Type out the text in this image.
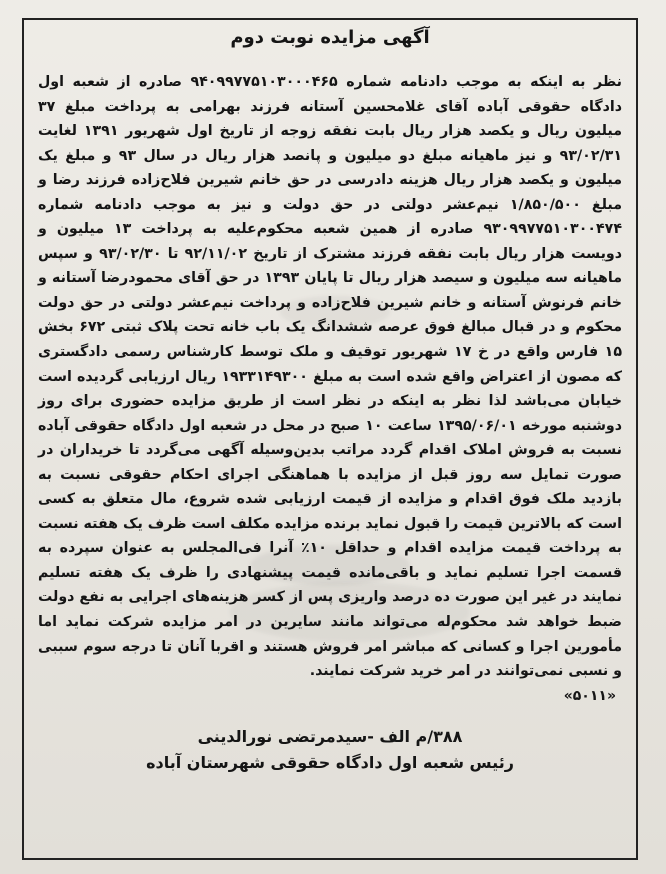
آگهی مزایده نوبت دوم

نظر به اینکه به موجب دادنامه شماره ۹۴۰۹۹۷۷۵۱۰۳۰۰۰۴۶۵ صادره از شعبه اول دادگاه حقوقی آباده آقای غلامحسین آستانه فرزند بهرامی به پرداخت مبلغ ۳۷ میلیون ریال و یکصد هزار ریال بابت نفقه زوجه از تاریخ اول شهریور ۱۳۹۱ لغایت ۹۳/۰۲/۳۱ و نیز ماهیانه مبلغ دو میلیون و پانصد هزار ریال در سال ۹۳ و مبلغ یک میلیون و یکصد هزار ریال هزینه دادرسی در حق خانم شیرین فلاح‌زاده فرزند رضا و مبلغ ۱/۸۵۰/۵۰۰ نیم‌عشر دولتی در حق دولت و نیز به موجب دادنامه شماره ۹۳۰۹۹۷۷۵۱۰۳۰۰۴۷۴ صادره از همین شعبه محکوم‌علیه به پرداخت ۱۳ میلیون و دویست هزار ریال بابت نفقه فرزند مشترک از تاریخ ۹۲/۱۱/۰۲ تا ۹۳/۰۲/۳۰ و سپس ماهیانه سه میلیون و سیصد هزار ریال تا پایان ۱۳۹۳ در حق آقای محمودرضا آستانه و خانم فرنوش آستانه و خانم شیرین فلاح‌زاده و پرداخت نیم‌عشر دولتی در حق دولت محکوم و در قبال مبالغ فوق عرصه ششدانگ یک باب خانه تحت پلاک ثبتی ۶۷۲ بخش ۱۵ فارس واقع در خ ۱۷ شهریور توقیف و ملک توسط کارشناس رسمی دادگستری که مصون از اعتراض واقع شده است به مبلغ ۱۹۳۳۱۴۹۳۰۰ ریال ارزیابی گردیده است خیابان می‌باشد لذا نظر به اینکه در نظر است از طریق مزایده حضوری برای روز دوشنبه مورخه ۱۳۹۵/۰۶/۰۱ ساعت ۱۰ صبح در محل در شعبه اول دادگاه حقوقی آباده نسبت به فروش املاک اقدام گردد مراتب بدین‌وسیله آگهی می‌گردد تا خریداران در صورت تمایل سه روز قبل از مزایده با هماهنگی اجرای احکام حقوقی نسبت به بازدید ملک فوق اقدام و مزایده از قیمت ارزیابی شده شروع، مال متعلق به کسی است که بالاترین قیمت را قبول نماید برنده مزایده مکلف است ظرف یک هفته نسبت به پرداخت قیمت مزایده اقدام و حداقل ۱۰٪ آنرا فی‌المجلس به عنوان سپرده به قسمت اجرا تسلیم نماید و باقی‌مانده قیمت پیشنهادی را ظرف یک هفته تسلیم نمایند در غیر این صورت ده درصد واریزی پس از کسر هزینه‌های اجرایی به نفع دولت ضبط خواهد شد محکوم‌له می‌تواند مانند سایرین در امر مزایده شرکت نماید اما مأمورین اجرا و کسانی که مباشر امر فروش هستند و اقربا آنان تا درجه سوم سببی و نسبی نمی‌توانند در امر خرید شرکت نمایند.

«۵۰۱۱»
۳۸۸/م الف -سیدمرتضی نورالدینی
رئیس شعبه اول دادگاه حقوقی شهرستان آباده
